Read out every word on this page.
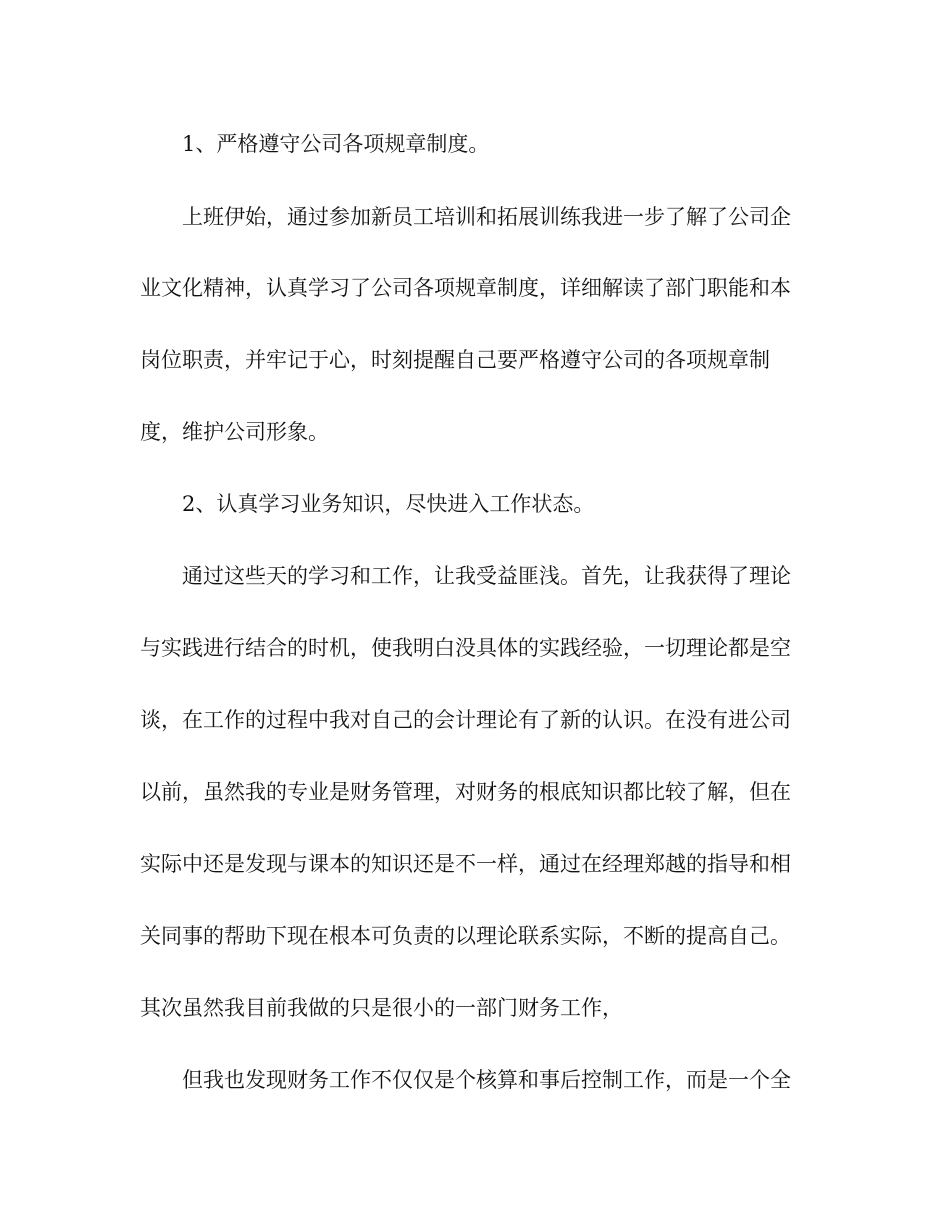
1、严格遵守公司各项规章制度。
上班伊始，通过参加新员工培训和拓展训练我进一步了解了公司企
业文化精神，认真学习了公司各项规章制度，详细解读了部门职能和本
岗位职责，并牢记于心，时刻提醒自己要严格遵守公司的各项规章制
度，维护公司形象。
2、认真学习业务知识，尽快进入工作状态。
通过这些天的学习和工作，让我受益匪浅。首先，让我获得了理论
与实践进行结合的时机，使我明白没具体的实践经验，一切理论都是空
谈，在工作的过程中我对自己的会计理论有了新的认识。在没有进公司
以前，虽然我的专业是财务管理，对财务的根底知识都比较了解，但在
实际中还是发现与课本的知识还是不一样，通过在经理郑越的指导和相
关同事的帮助下现在根本可负责的以理论联系实际，不断的提高自己。
其次虽然我目前我做的只是很小的一部门财务工作，
但我也发现财务工作不仅仅是个核算和事后控制工作，而是一个全
